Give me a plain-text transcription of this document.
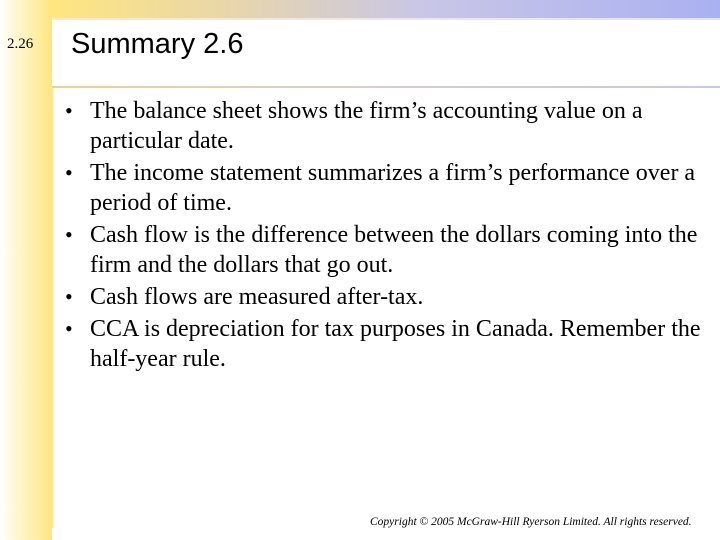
2.26 Summary 2.6
• The balance sheet shows the firm’s accounting value on a particular date.
• The income statement summarizes a firm’s performance over a period of time.
• Cash flow is the difference between the dollars coming into the firm and the dollars that go out.
• Cash flows are measured after-tax.
• CCA is depreciation for tax purposes in Canada. Remember the half-year rule.
Copyright © 2005 McGraw-Hill Ryerson Limited. All rights reserved.
